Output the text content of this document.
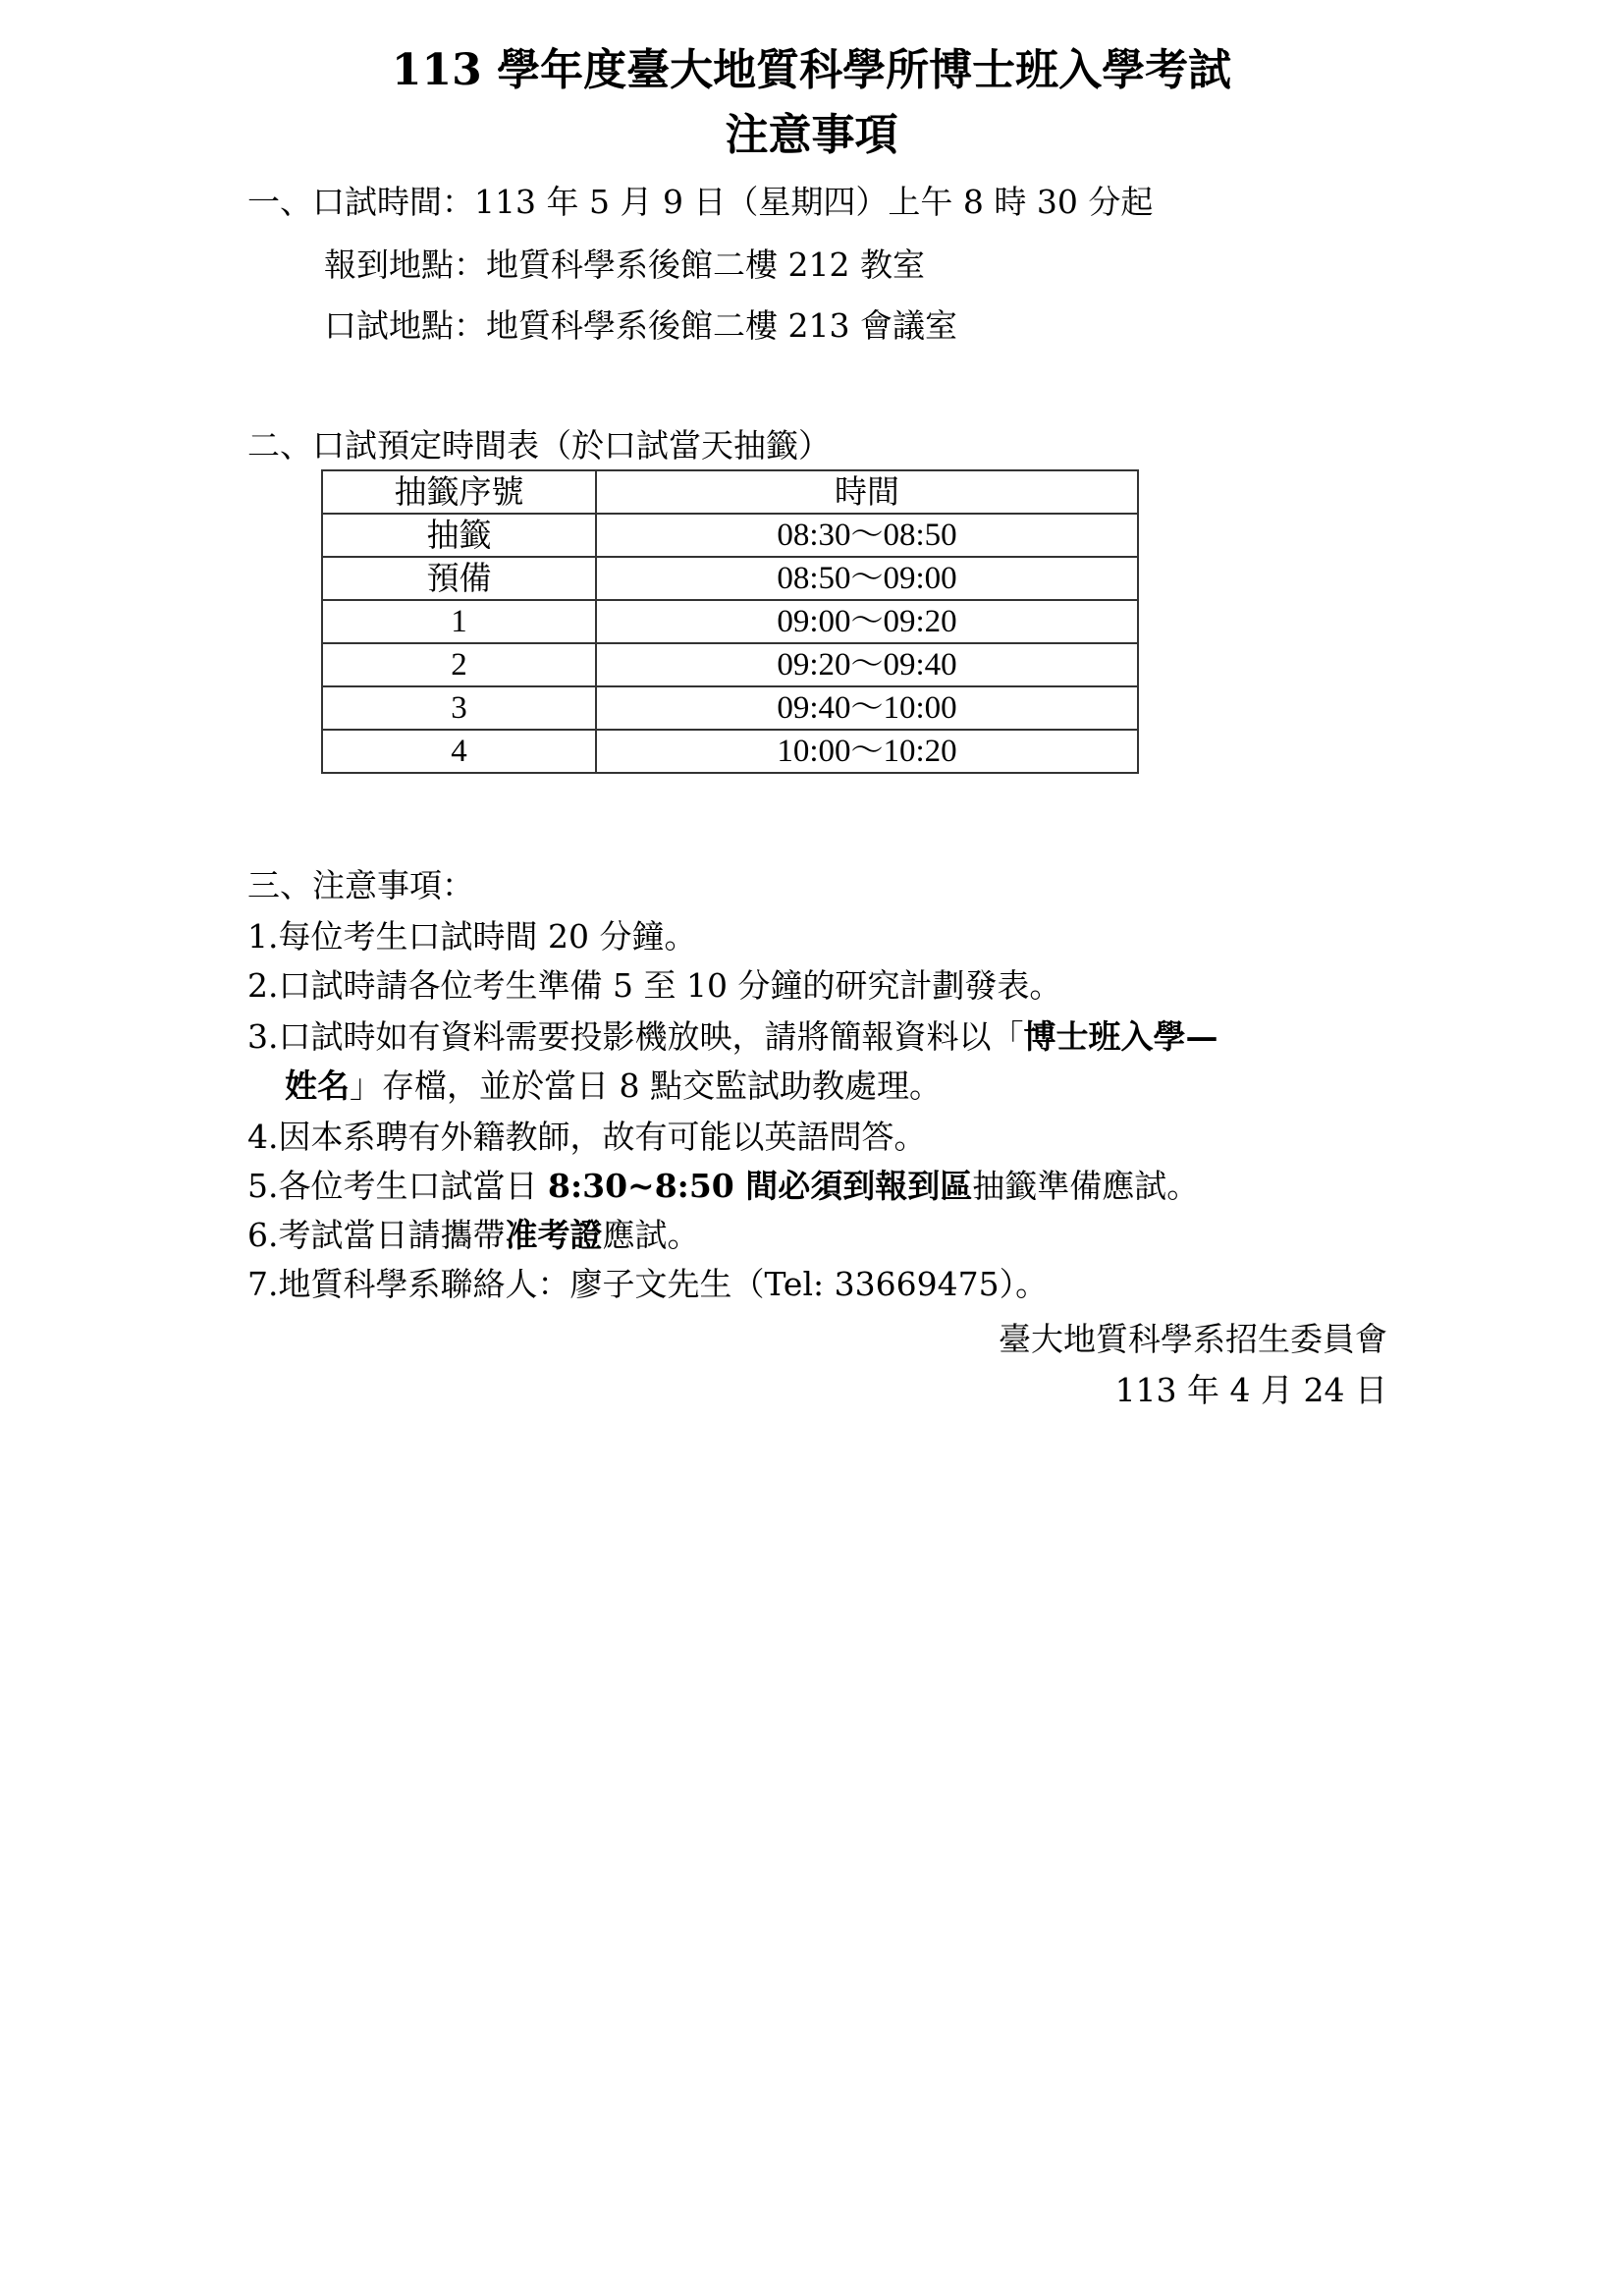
113 學年度臺大地質科學所博士班入學考試
注意事項
一、口試時間：113 年 5 月 9 日（星期四）上午 8 時 30 分起
報到地點：地質科學系後館二樓 212 教室
口試地點：地質科學系後館二樓 213 會議室
二、口試預定時間表（於口試當天抽籤）
抽籤序號	時間
抽籤	08:30～08:50
預備	08:50～09:00
1	09:00～09:20
2	09:20～09:40
3	09:40～10:00
4	10:00～10:20
三、注意事項：
1.每位考生口試時間 20 分鐘。
2.口試時請各位考生準備 5 至 10 分鐘的研究計劃發表。
3.口試時如有資料需要投影機放映，請將簡報資料以「博士班入學—
姓名」存檔，並於當日 8 點交監試助教處理。
4.因本系聘有外籍教師，故有可能以英語問答。
5.各位考生口試當日 8:30~8:50 間必須到報到區抽籤準備應試。
6.考試當日請攜帶准考證應試。
7.地質科學系聯絡人：廖子文先生（Tel: 33669475）。
臺大地質科學系招生委員會
113 年 4 月 24 日
